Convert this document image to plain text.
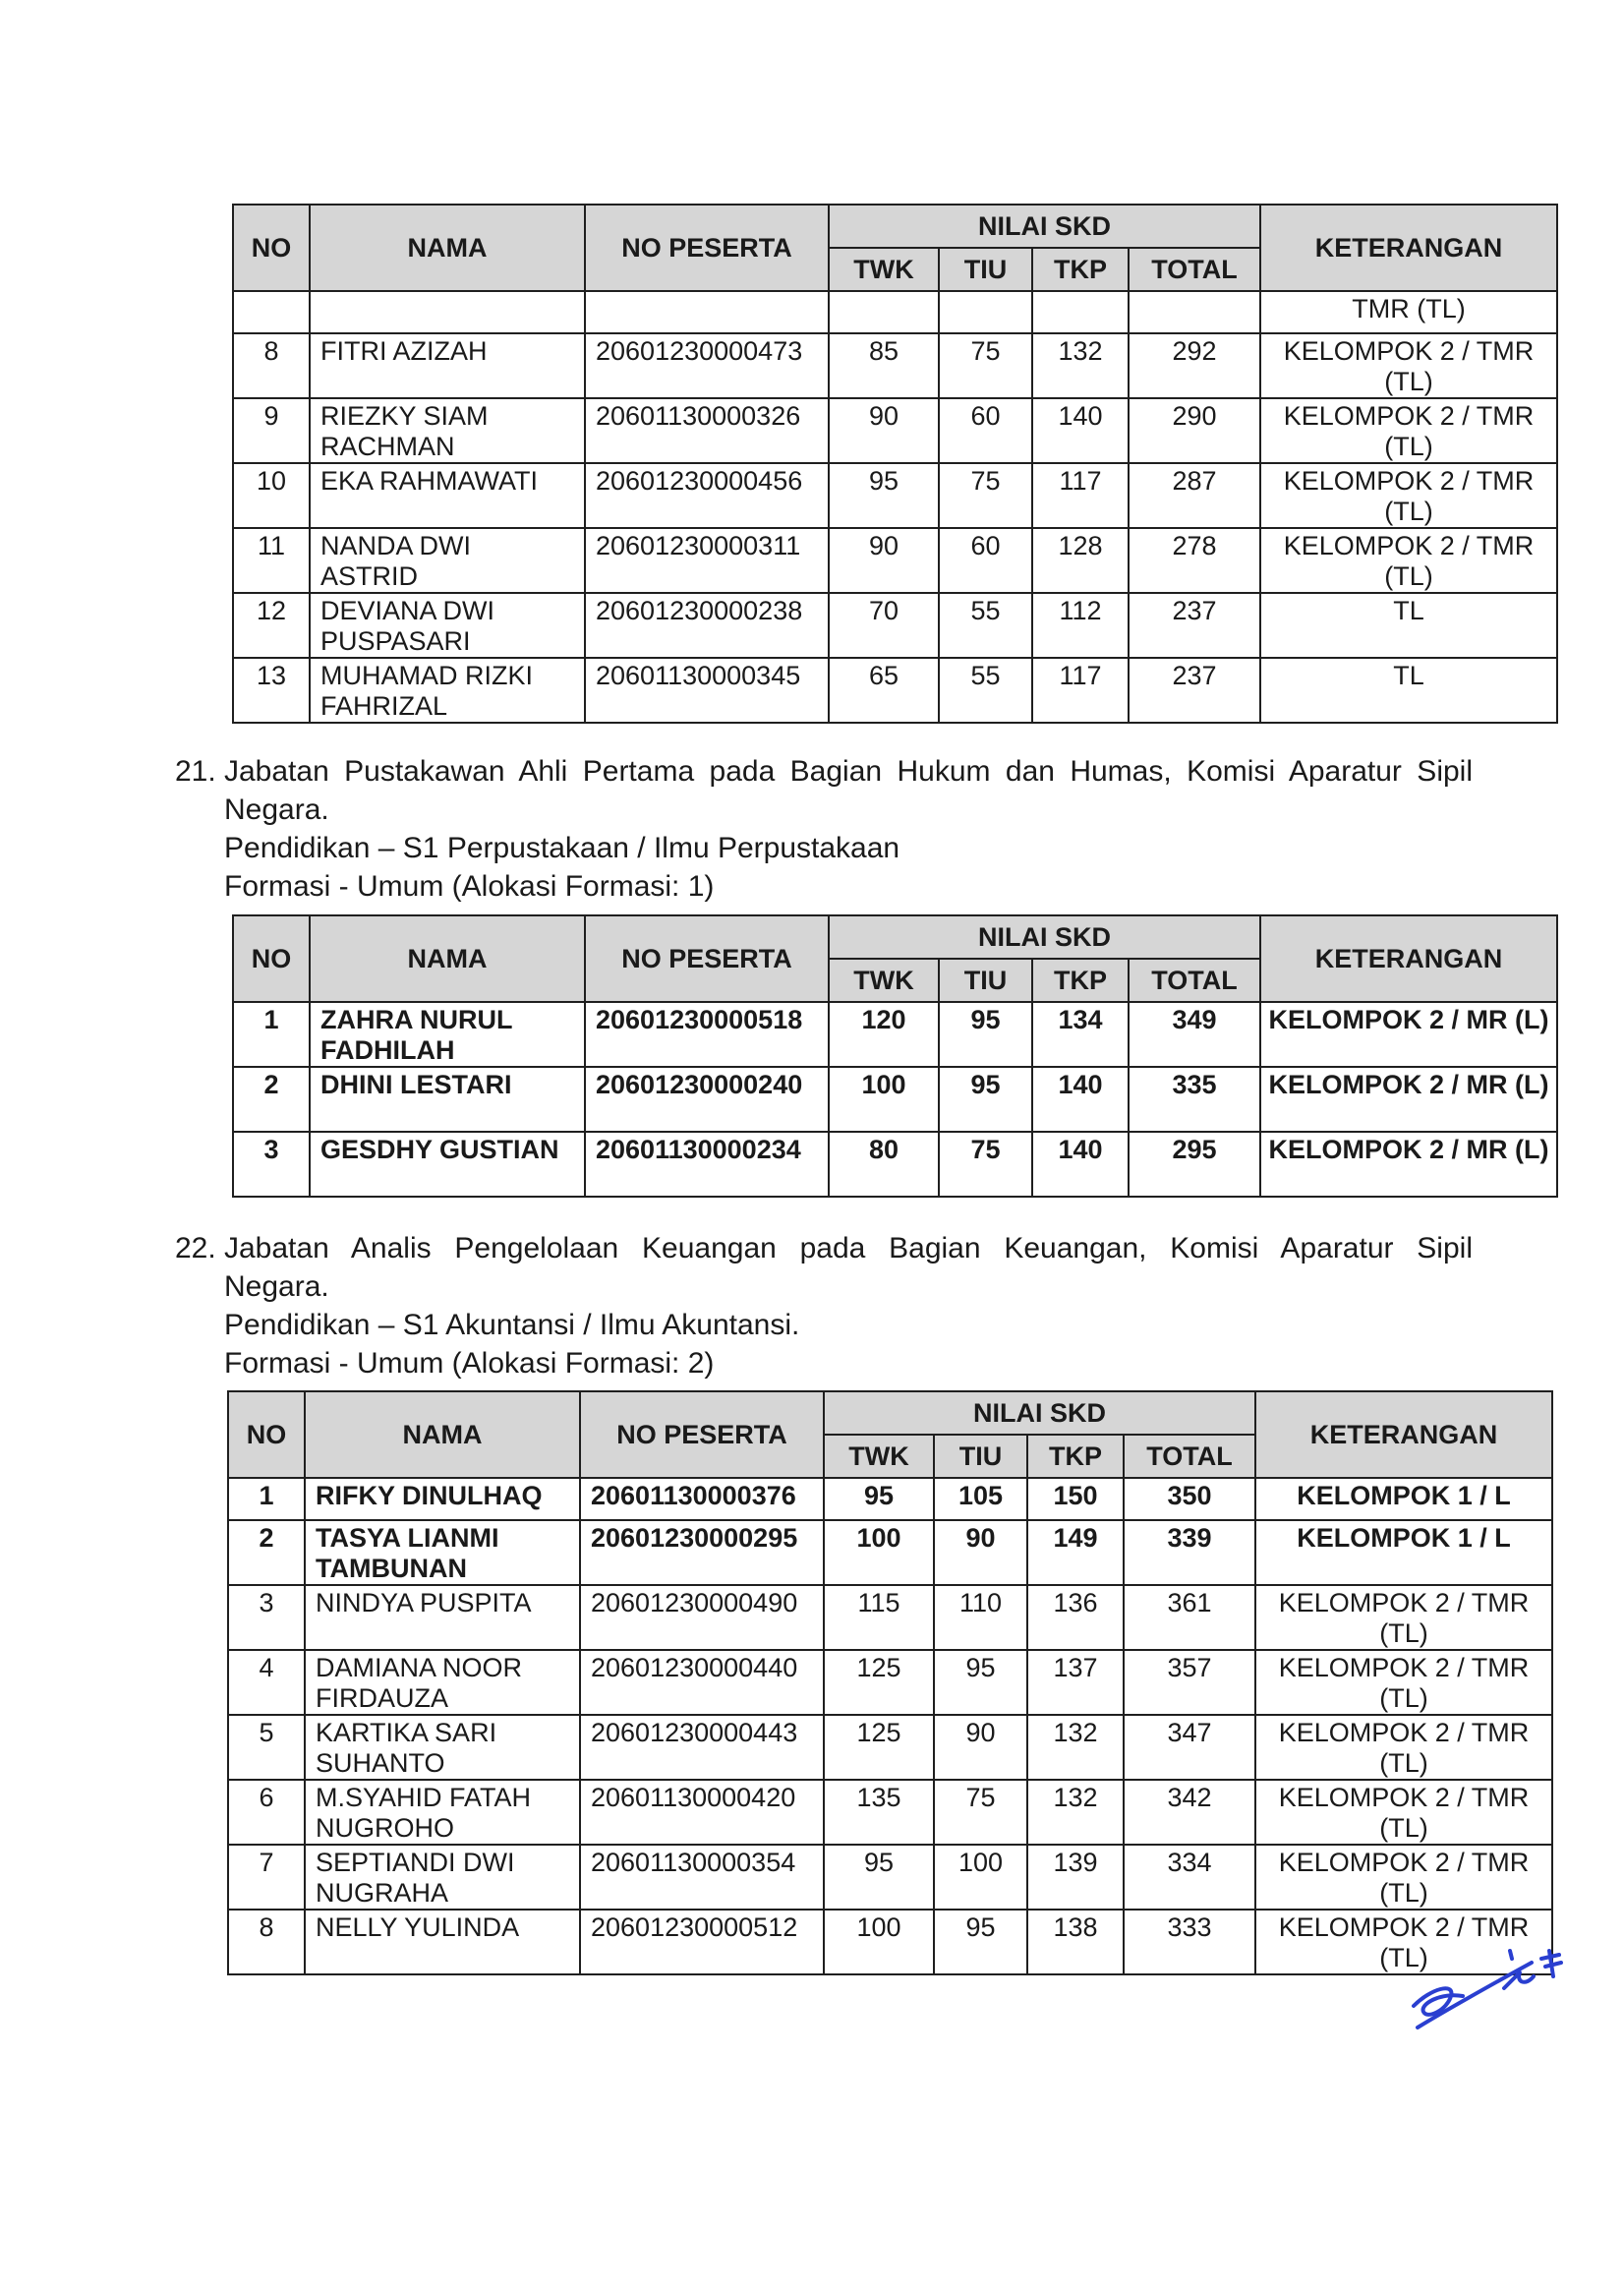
NO	NAMA	NO PESERTA	NILAI SKD				KETERANGAN
			TWK	TIU	TKP	TOTAL	
							TMR (TL)
8	FITRI AZIZAH	20601230000473	85	75	132	292	KELOMPOK 2 / TMR (TL)
9	RIEZKY SIAM RACHMAN	20601130000326	90	60	140	290	KELOMPOK 2 / TMR (TL)
10	EKA RAHMAWATI	20601230000456	95	75	117	287	KELOMPOK 2 / TMR (TL)
11	NANDA DWI ASTRID	20601230000311	90	60	128	278	KELOMPOK 2 / TMR (TL)
12	DEVIANA DWI PUSPASARI	20601230000238	70	55	112	237	TL
13	MUHAMAD RIZKI FAHRIZAL	20601130000345	65	55	117	237	TL
21. Jabatan Pustakawan Ahli Pertama pada Bagian Hukum dan Humas, Komisi Aparatur Sipil
Negara.
Pendidikan – S1 Perpustakaan / Ilmu Perpustakaan
Formasi - Umum (Alokasi Formasi: 1)
NO	NAMA	NO PESERTA	NILAI SKD				KETERANGAN
			TWK	TIU	TKP	TOTAL	
1	ZAHRA NURUL FADHILAH	20601230000518	120	95	134	349	KELOMPOK 2 / MR (L)
2	DHINI LESTARI	20601230000240	100	95	140	335	KELOMPOK 2 / MR (L)
3	GESDHY GUSTIAN	20601130000234	80	75	140	295	KELOMPOK 2 / MR (L)
22. Jabatan Analis Pengelolaan Keuangan pada Bagian Keuangan, Komisi Aparatur Sipil
Negara.
Pendidikan – S1 Akuntansi / Ilmu Akuntansi.
Formasi - Umum (Alokasi Formasi: 2)
NO	NAMA	NO PESERTA	NILAI SKD				KETERANGAN
			TWK	TIU	TKP	TOTAL	
1	RIFKY DINULHAQ	20601130000376	95	105	150	350	KELOMPOK 1 / L
2	TASYA LIANMI TAMBUNAN	20601230000295	100	90	149	339	KELOMPOK 1 / L
3	NINDYA PUSPITA	20601230000490	115	110	136	361	KELOMPOK 2 / TMR (TL)
4	DAMIANA NOOR FIRDAUZA	20601230000440	125	95	137	357	KELOMPOK 2 / TMR (TL)
5	KARTIKA SARI SUHANTO	20601230000443	125	90	132	347	KELOMPOK 2 / TMR (TL)
6	M.SYAHID FATAH NUGROHO	20601130000420	135	75	132	342	KELOMPOK 2 / TMR (TL)
7	SEPTIANDI DWI NUGRAHA	20601130000354	95	100	139	334	KELOMPOK 2 / TMR (TL)
8	NELLY YULINDA	20601230000512	100	95	138	333	KELOMPOK 2 / TMR (TL)
